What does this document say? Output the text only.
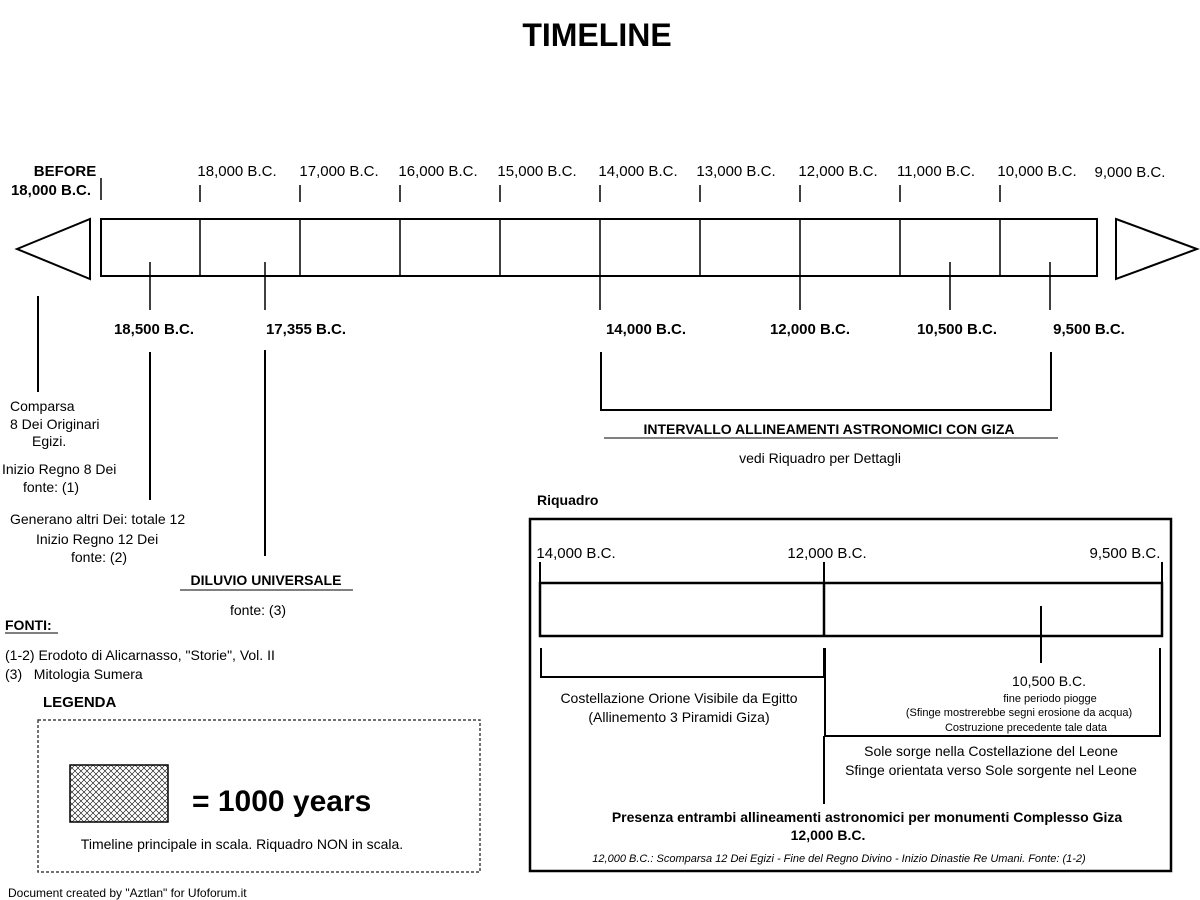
TIMELINE
BEFORE
18,000 B.C.
18,000 B.C. 17,000 B.C. 16,000 B.C. 15,000 B.C. 14,000 B.C. 13,000 B.C. 12,000 B.C. 11,000 B.C. 10,000 B.C. 9,000 B.C.
18,500 B.C.	17,355 B.C.	14,000 B.C.	12,000 B.C.	10,500 B.C.	9,500 B.C.
Comparsa
8 Dei Originari
Egizi.
Inizio Regno 8 Dei
fonte: (1)
Generano altri Dei: totale 12
Inizio Regno 12 Dei
fonte: (2)
DILUVIO UNIVERSALE
fonte: (3)
INTERVALLO ALLINEAMENTI ASTRONOMICI CON GIZA
vedi Riquadro per Dettagli
FONTI:
(1-2) Erodoto di Alicarnasso, "Storie", Vol. II
(3)   Mitologia Sumera
LEGENDA
= 1000 years
Timeline principale in scala. Riquadro NON in scala.
Riquadro
14,000 B.C.	12,000 B.C.	9,500 B.C.
Costellazione Orione Visibile da Egitto
(Allinemento 3 Piramidi Giza)
10,500 B.C.
fine periodo piogge
(Sfinge mostrerebbe segni erosione da acqua)
Costruzione precedente tale data
Sole sorge nella Costellazione del Leone
Sfinge orientata verso Sole sorgente nel Leone
Presenza entrambi allineamenti astronomici per monumenti Complesso Giza
12,000 B.C.
12,000 B.C.: Scomparsa 12 Dei Egizi - Fine del Regno Divino - Inizio Dinastie Re Umani. Fonte: (1-2)
Document created by "Aztlan" for Ufoforum.it
